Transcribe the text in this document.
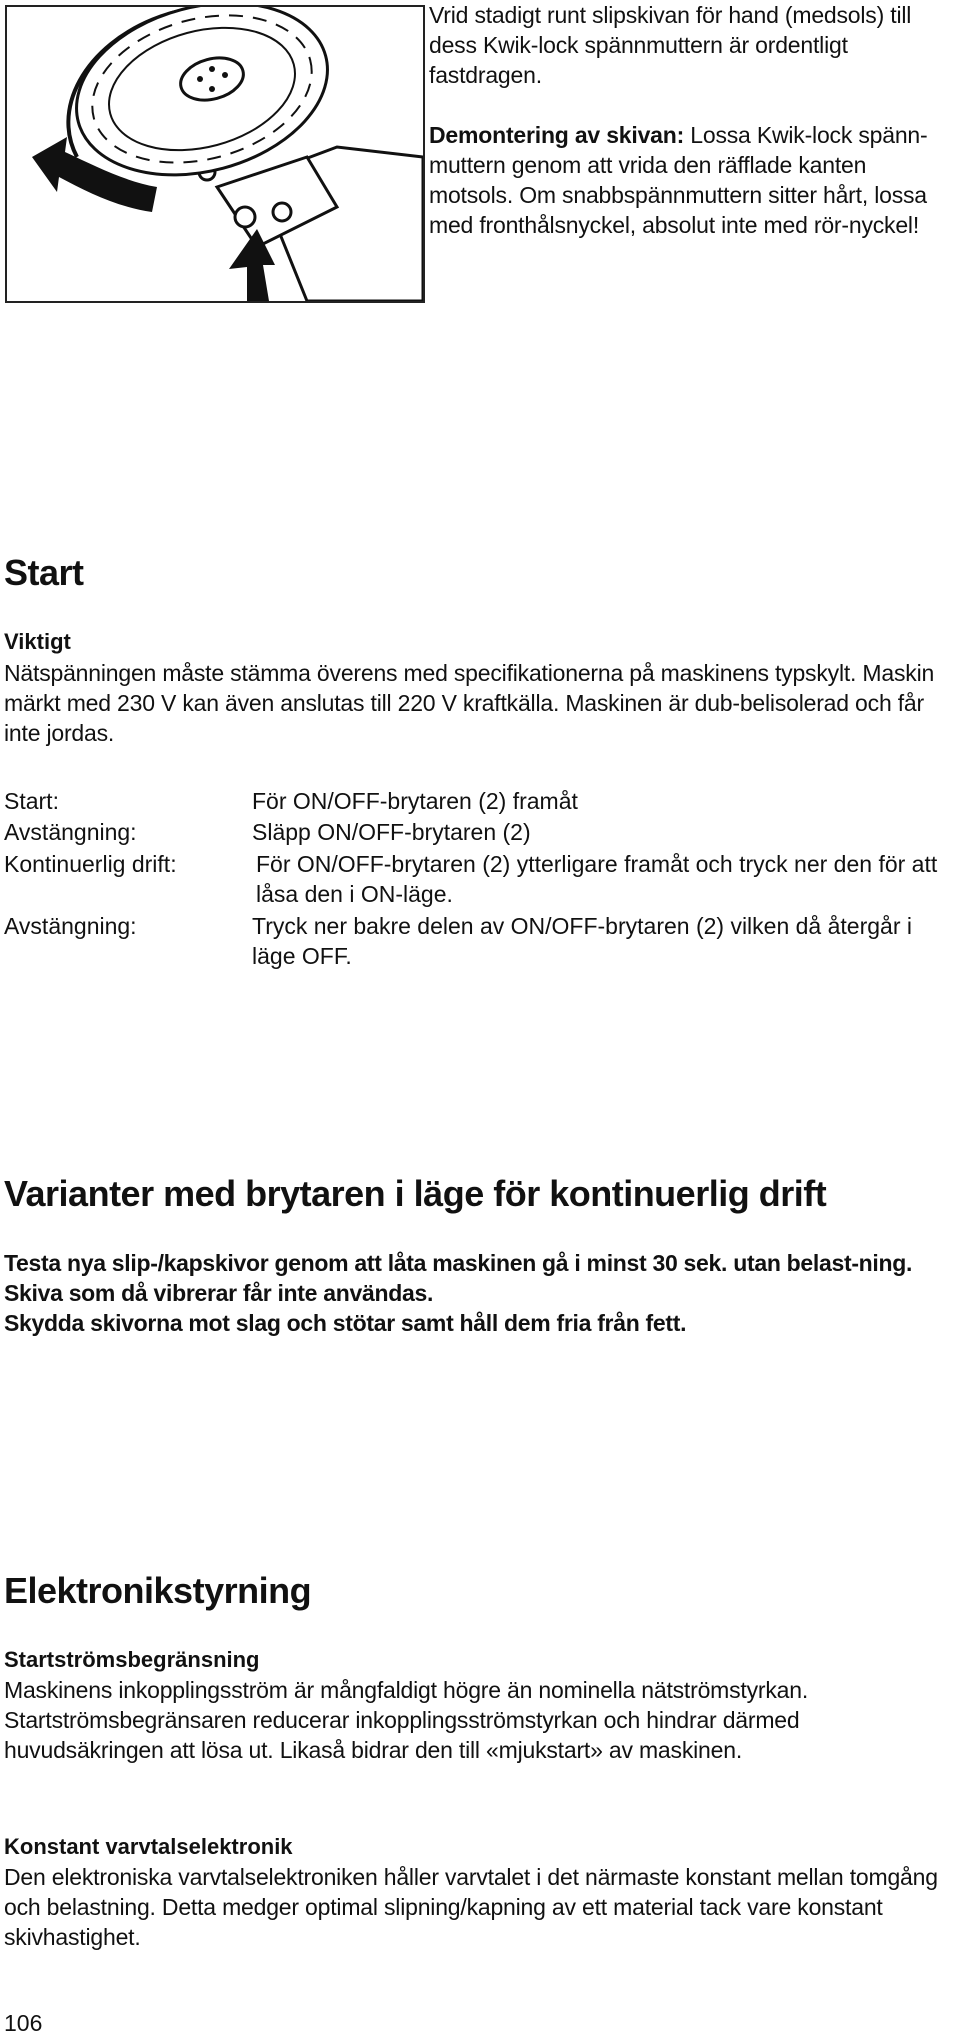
Vrid stadigt runt slipskivan för hand (medsols) till dess Kwik-lock spännmuttern är ordentligt fastdragen.

Demontering av skivan: Lossa Kwik-lock spänn-muttern genom att vrida den räfflade kanten motsols. Om snabbspännmuttern sitter hårt, lossa med fronthålsnyckel, absolut inte med rör-nyckel!

Start
Viktigt

Nätspänningen måste stämma överens med specifikationerna på maskinens typskylt. Maskin märkt med 230 V kan även anslutas till 220 V kraftkälla. Maskinen är dub-belisolerad och får inte jordas.

Start:	För ON/OFF-brytaren (2) framåt
Avstängning:	Släpp ON/OFF-brytaren (2)
Kontinuerlig drift:	För ON/OFF-brytaren (2) ytterligare framåt och tryck ner den för att låsa den i ON-läge.
Avstängning:	Tryck ner bakre delen av ON/OFF-brytaren (2) vilken då återgår i läge OFF.
Varianter med brytaren i läge för kontinuerlig drift

Testa nya slip-/kapskivor genom att låta maskinen gå i minst 30 sek. utan belast-ning. Skiva som då vibrerar får inte användas.
Skydda skivorna mot slag och stötar samt håll dem fria från fett.

Elektronikstyrning
Startströmsbegränsning

Maskinens inkopplingsström är mångfaldigt högre än nominella nätströmstyrkan. Startströmsbegränsaren reducerar inkopplingsströmstyrkan och hindrar därmed huvudsäkringen att lösa ut. Likaså bidrar den till «mjukstart» av maskinen.

Konstant varvtalselektronik

Den elektroniska varvtalselektroniken håller varvtalet i det närmaste konstant mellan tomgång och belastning. Detta medger optimal slipning/kapning av ett material tack vare konstant skivhastighet.

106
